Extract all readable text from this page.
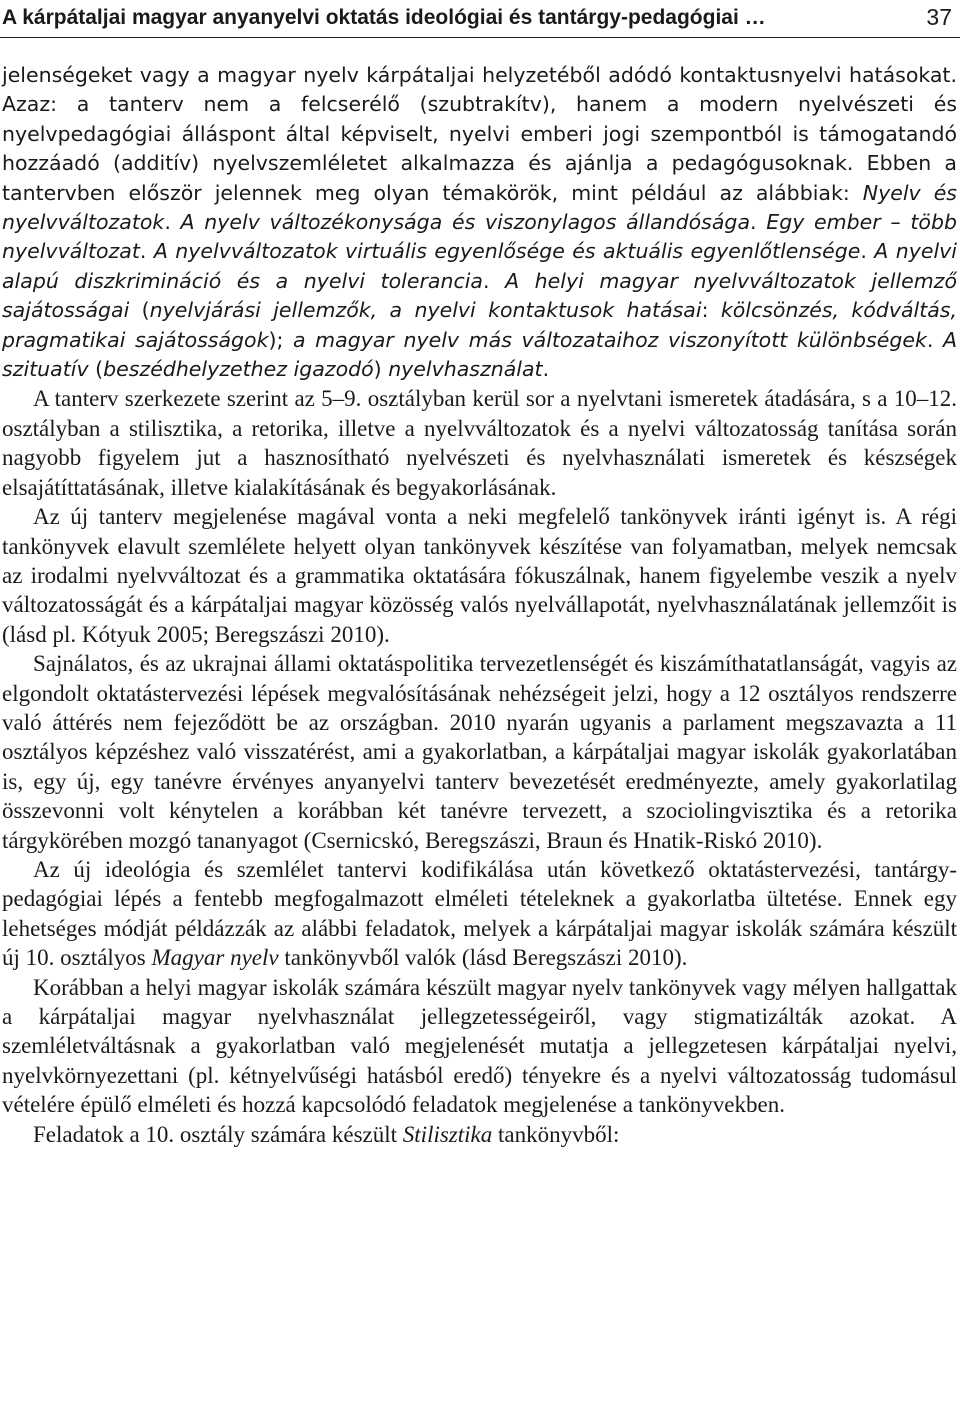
A kárpátaljai magyar anyanyelvi oktatás ideológiai és tantárgy-pedagógiai …	37

jelenségeket vagy a magyar nyelv kárpátaljai helyzetéből adódó kontaktusnyelvi hatásokat. Azaz: a tanterv nem a felcserélő (szubtrakítv), hanem a modern nyelvészeti és nyelvpedagógiai álláspont által képviselt, nyelvi emberi jogi szempontból is támogatandó hozzáadó (additív) nyelvszemléletet alkalmazza és ajánlja a pedagógusoknak. Ebben a tantervben először jelennek meg olyan témakörök, mint például az alábbiak: Nyelv és nyelvváltozatok. A nyelv változékonysága és viszonylagos állandósága. Egy ember – több nyelvváltozat. A nyelvváltozatok virtuális egyenlősége és aktuális egyenlőtlensége. A nyelvi alapú diszkrimináció és a nyelvi tolerancia. A helyi magyar nyelvváltozatok jellemző sajátosságai (nyelvjárási jellemzők, a nyelvi kontaktusok hatásai: kölcsönzés, kódváltás, pragmatikai sajátosságok); a magyar nyelv más változataihoz viszonyított különbségek. A szituatív (beszédhelyzethez igazodó) nyelvhasználat.

A tanterv szerkezete szerint az 5–9. osztályban kerül sor a nyelvtani ismeretek átadására, s a 10–12. osztályban a stilisztika, a retorika, illetve a nyelvváltozatok és a nyelvi változatosság tanítása során nagyobb figyelem jut a hasznosítható nyelvészeti és nyelvhasználati ismeretek és készségek elsajátíttatásának, illetve kialakításának és begyakorlásának.

Az új tanterv megjelenése magával vonta a neki megfelelő tankönyvek iránti igényt is. A régi tankönyvek elavult szemlélete helyett olyan tankönyvek készítése van folyamatban, melyek nemcsak az irodalmi nyelvváltozat és a grammatika oktatására fókuszálnak, hanem figyelembe veszik a nyelv változatosságát és a kárpátaljai magyar közösség valós nyelvállapotát, nyelvhasználatának jellemzőit is (lásd pl. Kótyuk 2005; Beregszászi 2010).

Sajnálatos, és az ukrajnai állami oktatáspolitika tervezetlenségét és kiszámíthatatlanságát, vagyis az elgondolt oktatástervezési lépések megvalósításának nehézségeit jelzi, hogy a 12 osztályos rendszerre való áttérés nem fejeződött be az országban. 2010 nyarán ugyanis a parlament megszavazta a 11 osztályos képzéshez való visszatérést, ami a gyakorlatban, a kárpátaljai magyar iskolák gyakorlatában is, egy új, egy tanévre érvényes anyanyelvi tanterv bevezetését eredményezte, amely gyakorlatilag összevonni volt kénytelen a korábban két tanévre tervezett, a szociolingvisztika és a retorika tárgykörében mozgó tananyagot (Csernicskó, Beregszászi, Braun és Hnatik-Riskó 2010).

Az új ideológia és szemlélet tantervi kodifikálása után következő oktatástervezési, tantárgy-pedagógiai lépés a fentebb megfogalmazott elméleti tételeknek a gyakorlatba ültetése. Ennek egy lehetséges módját példázzák az alábbi feladatok, melyek a kárpátaljai magyar iskolák számára készült új 10. osztályos Magyar nyelv tankönyvből valók (lásd Beregszászi 2010).

Korábban a helyi magyar iskolák számára készült magyar nyelv tankönyvek vagy mélyen hallgattak a kárpátaljai magyar nyelvhasználat jellegzetességeiről, vagy stigmatizálták azokat. A szemléletváltásnak a gyakorlatban való megjelenését mutatja a jellegzetesen kárpátaljai nyelvi, nyelvkörnyezettani (pl. kétnyelvűségi hatásból eredő) tényekre és a nyelvi változatosság tudomásul vételére épülő elméleti és hozzá kapcsolódó feladatok megjelenése a tankönyvekben.

Feladatok a 10. osztály számára készült Stilisztika tankönyvből:
